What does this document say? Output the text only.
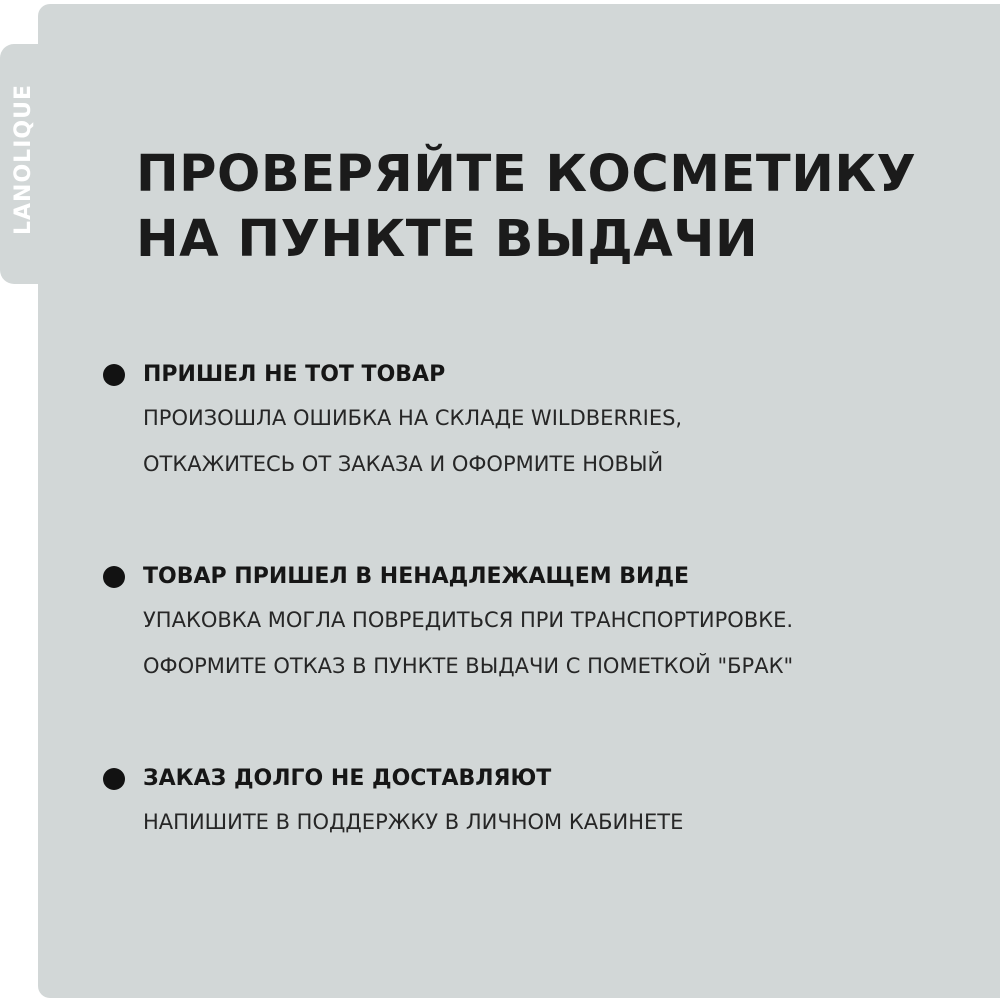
LANOLIQUE ПРОВЕРЯЙТЕ КОСМЕТИКУ
НА ПУНКТЕ ВЫДАЧИ
ПРИШЕЛ НЕ ТОТ ТОВАР
ПРОИЗОШЛА ОШИБКА НА СКЛАДЕ WILDBERRIES,
ОТКАЖИТЕСЬ ОТ ЗАКАЗА И ОФОРМИТЕ НОВЫЙ
ТОВАР ПРИШЕЛ В НЕНАДЛЕЖАЩЕМ ВИДЕ
УПАКОВКА МОГЛА ПОВРЕДИТЬСЯ ПРИ ТРАНСПОРТИРОВКЕ.
ОФОРМИТЕ ОТКАЗ В ПУНКТЕ ВЫДАЧИ С ПОМЕТКОЙ "БРАК"
ЗАКАЗ ДОЛГО НЕ ДОСТАВЛЯЮТ
НАПИШИТЕ В ПОДДЕРЖКУ В ЛИЧНОМ КАБИНЕТЕ
